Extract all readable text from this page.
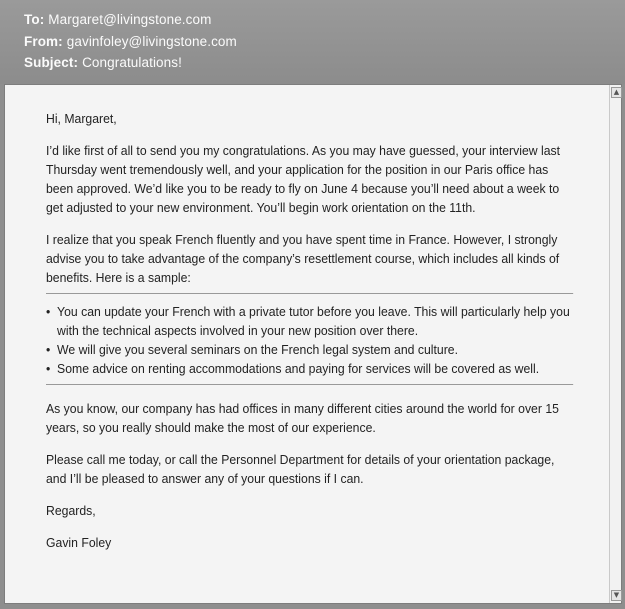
To: Margaret@livingstone.com
From: gavinfoley@livingstone.com
Subject: Congratulations!

Hi, Margaret,

I’d like first of all to send you my congratulations. As you may have guessed, your interview last Thursday went tremendously well, and your application for the position in our Paris office has been approved. We’d like you to be ready to fly on June 4 because you’ll need about a week to get adjusted to your new environment. You’ll begin work orientation on the 11th.

I realize that you speak French fluently and you have spent time in France. However, I strongly advise you to take advantage of the company’s resettlement course, which includes all kinds of benefits. Here is a sample:

• You can update your French with a private tutor before you leave. This will particularly help you with the technical aspects involved in your new position over there.
• We will give you several seminars on the French legal system and culture.
• Some advice on renting accommodations and paying for services will be covered as well.

As you know, our company has had offices in many different cities around the world for over 15 years, so you really should make the most of our experience.

Please call me today, or call the Personnel Department for details of your orientation package, and I’ll be pleased to answer any of your questions if I can.

Regards,

Gavin Foley

▲
▼
